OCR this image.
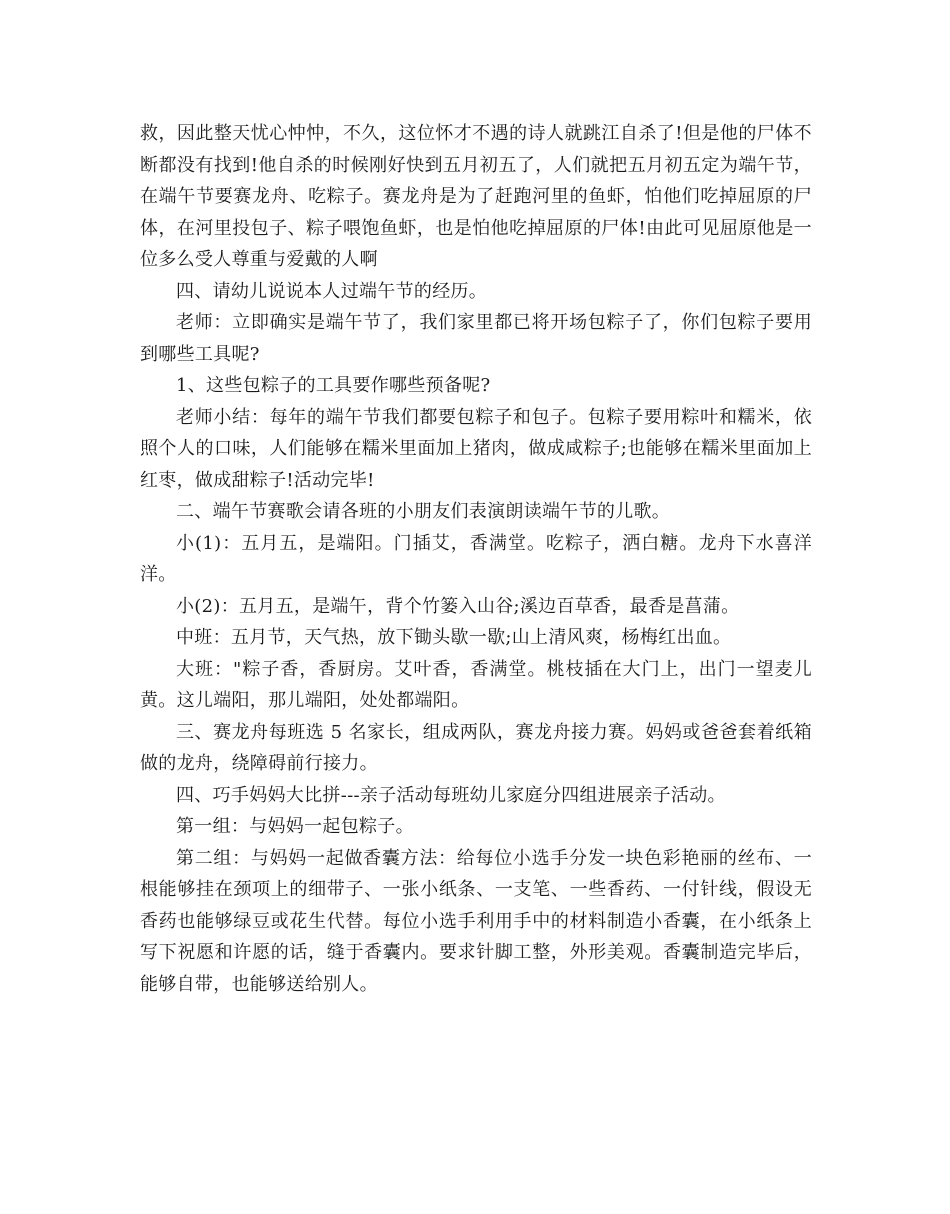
救，因此整天忧心忡忡，不久，这位怀才不遇的诗人就跳江自杀了!但是他的尸体不断都没有找到!他自杀的时候刚好快到五月初五了，人们就把五月初五定为端午节，在端午节要赛龙舟、吃粽子。赛龙舟是为了赶跑河里的鱼虾，怕他们吃掉屈原的尸体，在河里投包子、粽子喂饱鱼虾，也是怕他吃掉屈原的尸体!由此可见屈原他是一位多么受人尊重与爱戴的人啊

四、请幼儿说说本人过端午节的经历。

老师：立即确实是端午节了，我们家里都已将开场包粽子了，你们包粽子要用到哪些工具呢?

1、这些包粽子的工具要作哪些预备呢?

老师小结：每年的端午节我们都要包粽子和包子。包粽子要用粽叶和糯米，依照个人的口味，人们能够在糯米里面加上猪肉，做成咸粽子;也能够在糯米里面加上红枣，做成甜粽子!活动完毕!

二、端午节赛歌会请各班的小朋友们表演朗读端午节的儿歌。

小(1)：五月五，是端阳。门插艾，香满堂。吃粽子，洒白糖。龙舟下水喜洋洋。

小(2)：五月五，是端午，背个竹篓入山谷;溪边百草香，最香是菖蒲。

中班：五月节，天气热，放下锄头歇一歇;山上清风爽，杨梅红出血。

大班："粽子香，香厨房。艾叶香，香满堂。桃枝插在大门上，出门一望麦儿黄。这儿端阳，那儿端阳，处处都端阳。

三、赛龙舟每班选 5 名家长，组成两队，赛龙舟接力赛。妈妈或爸爸套着纸箱做的龙舟，绕障碍前行接力。

四、巧手妈妈大比拼---亲子活动每班幼儿家庭分四组进展亲子活动。

第一组：与妈妈一起包粽子。

第二组：与妈妈一起做香囊方法：给每位小选手分发一块色彩艳丽的丝布、一根能够挂在颈项上的细带子、一张小纸条、一支笔、一些香药、一付针线，假设无香药也能够绿豆或花生代替。每位小选手利用手中的材料制造小香囊，在小纸条上写下祝愿和许愿的话，缝于香囊内。要求针脚工整，外形美观。香囊制造完毕后，能够自带，也能够送给别人。
